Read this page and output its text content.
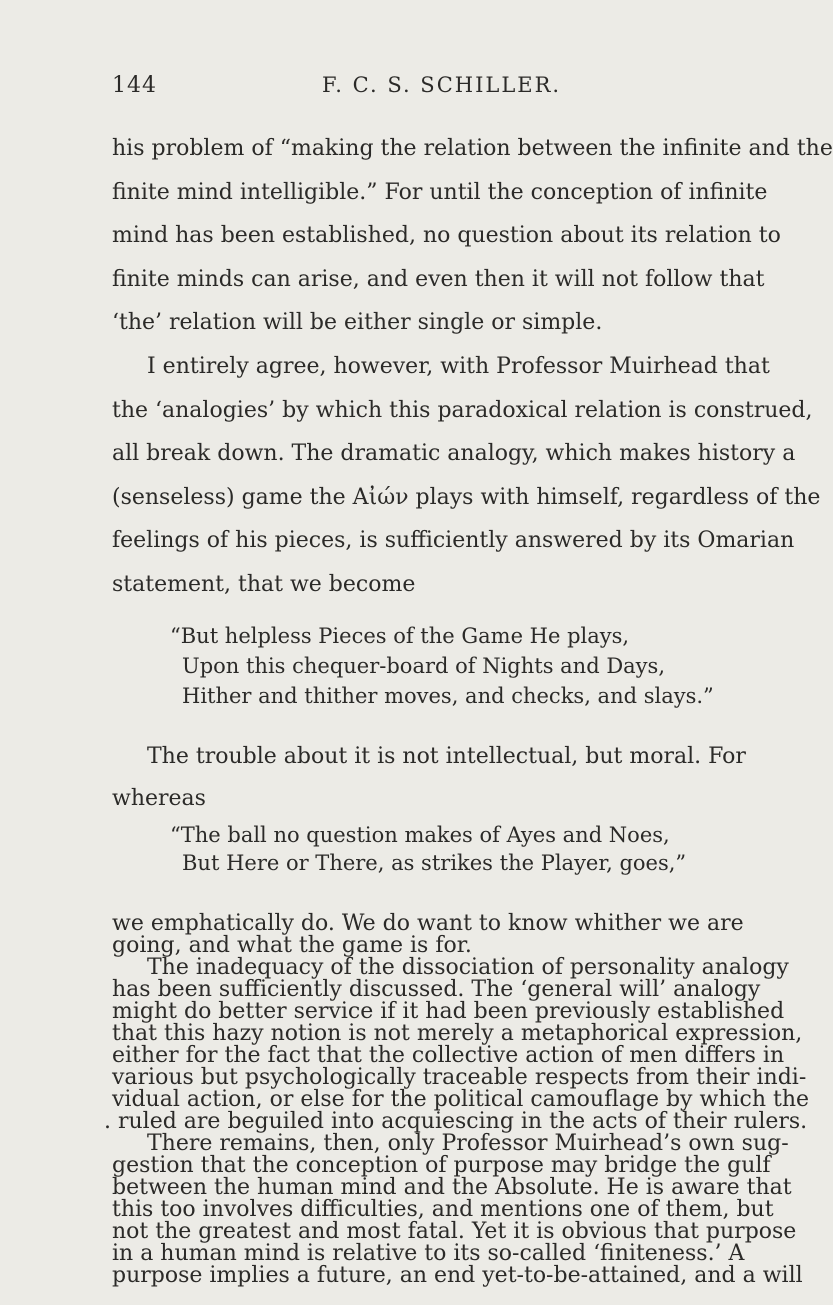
144	F. C. S. SCHILLER.
“But helpless Pieces of the Game He plays,
Upon this chequer-board of Nights and Days,
Hither and thither moves, and checks, and slays.”
“The ball no question makes of Ayes and Noes,
But Here or There, as strikes the Player, goes,”
his problem of “making the relation between the infinite and the
finite mind intelligible.” For until the conception of infinite
mind has been established, no question about its relation to
finite minds can arise, and even then it will not follow that
‘the’ relation will be either single or simple.
I entirely agree, however, with Professor Muirhead that
the ‘analogies’ by which this paradoxical relation is construed,
all break down. The dramatic analogy, which makes history a
(senseless) game the Αἰών plays with himself, regardless of the
feelings of his pieces, is sufficiently answered by its Omarian
statement, that we become
The trouble about it is not intellectual, but moral. For
whereas
we emphatically do. We do want to know whither we are
going, and what the game is for.
The inadequacy of the dissociation of personality analogy
has been sufficiently discussed. The ‘general will’ analogy
might do better service if it had been previously established
that this hazy notion is not merely a metaphorical expression,
either for the fact that the collective action of men differs in
various but psychologically traceable respects from their indi-
vidual action, or else for the political camouflage by which the
. ruled are beguiled into acquiescing in the acts of their rulers.
There remains, then, only Professor Muirhead’s own sug-
gestion that the conception of purpose may bridge the gulf
between the human mind and the Absolute. He is aware that
this too involves difficulties, and mentions one of them, but
not the greatest and most fatal. Yet it is obvious that purpose
in a human mind is relative to its so-called ‘finiteness.’ A
purpose implies a future, an end yet-to-be-attained, and a will
